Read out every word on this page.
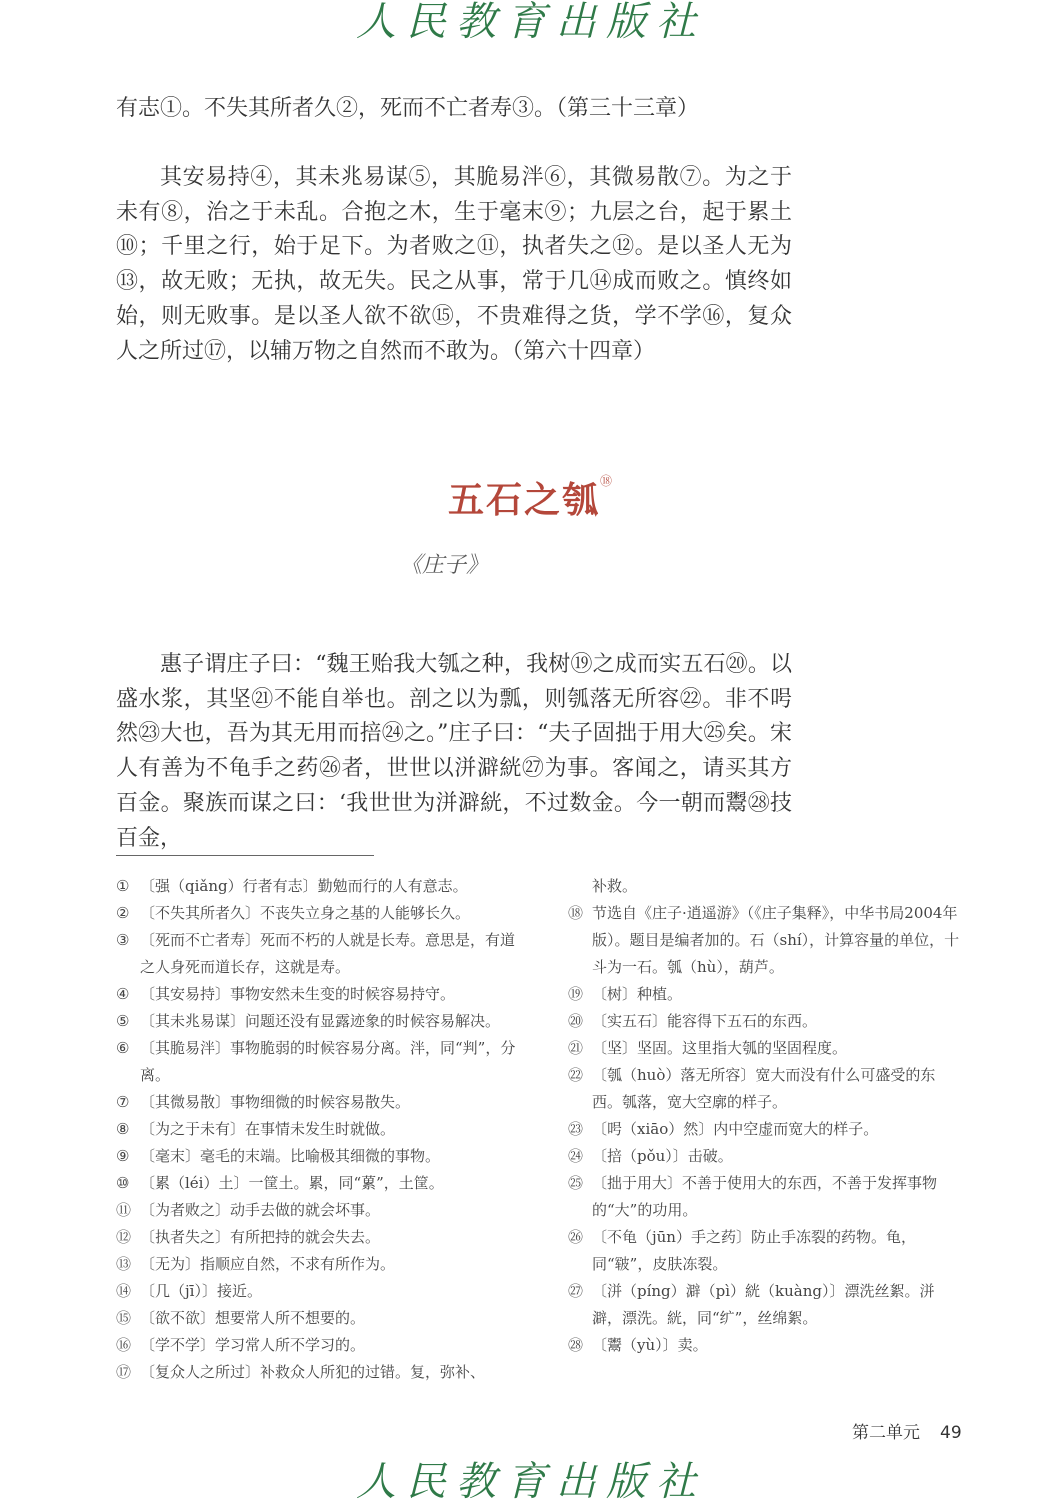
人民教育出版社

有志①。不失其所者久②，死而不亡者寿③。（第三十三章）

其安易持④，其未兆易谋⑤，其脆易泮⑥，其微易散⑦。为之于未有⑧，治之于未乱。合抱之木，生于毫末⑨；九层之台，起于累土⑩；千里之行，始于足下。为者败之⑪，执者失之⑫。是以圣人无为⑬，故无败；无执，故无失。民之从事，常于几⑭成而败之。慎终如始，则无败事。是以圣人欲不欲⑮，不贵难得之货，学不学⑯，复众人之所过⑰，以辅万物之自然而不敢为。（第六十四章）

五石之瓠⑱
《庄子》

惠子谓庄子曰：“魏王贻我大瓠之种，我树⑲之成而实五石⑳。以盛水浆，其坚㉑不能自举也。剖之以为瓢，则瓠落无所容㉒。非不呺然㉓大也，吾为其无用而掊㉔之。”庄子曰：“夫子固拙于用大㉕矣。宋人有善为不龟手之药㉖者，世世以洴澼絖㉗为事。客闻之，请买其方百金。聚族而谋之曰：‘我世世为洴澼絖，不过数金。今一朝而鬻㉘技百金，

① 〔强（qiǎng）行者有志〕勤勉而行的人有意志。
② 〔不失其所者久〕不丧失立身之基的人能够长久。
③ 〔死而不亡者寿〕死而不朽的人就是长寿。意思是，有道之人身死而道长存，这就是寿。
④ 〔其安易持〕事物安然未生变的时候容易持守。
⑤ 〔其未兆易谋〕问题还没有显露迹象的时候容易解决。
⑥ 〔其脆易泮〕事物脆弱的时候容易分离。泮，同“判”，分离。
⑦ 〔其微易散〕事物细微的时候容易散失。
⑧ 〔为之于未有〕在事情未发生时就做。
⑨ 〔毫末〕毫毛的末端。比喻极其细微的事物。
⑩ 〔累（léi）土〕一筐土。累，同“蔂”，土筐。
⑪ 〔为者败之〕动手去做的就会坏事。
⑫ 〔执者失之〕有所把持的就会失去。
⑬ 〔无为〕指顺应自然，不求有所作为。
⑭ 〔几（jī）〕接近。
⑮ 〔欲不欲〕想要常人所不想要的。
⑯ 〔学不学〕学习常人所不学习的。
⑰ 〔复众人之所过〕补救众人所犯的过错。复，弥补、
补救。
⑱ 节选自《庄子·逍遥游》（《庄子集释》，中华书局2004年版）。题目是编者加的。石（shí），计算容量的单位，十斗为一石。瓠（hù），葫芦。
⑲ 〔树〕种植。
⑳ 〔实五石〕能容得下五石的东西。
㉑ 〔坚〕坚固。这里指大瓠的坚固程度。
㉒ 〔瓠（huò）落无所容〕宽大而没有什么可盛受的东西。瓠落，宽大空廓的样子。
㉓ 〔呺（xiāo）然〕内中空虚而宽大的样子。
㉔ 〔掊（pǒu）〕击破。
㉕ 〔拙于用大〕不善于使用大的东西，不善于发挥事物的“大”的功用。
㉖ 〔不龟（jūn）手之药〕防止手冻裂的药物。龟，同“皲”，皮肤冻裂。
㉗ 〔洴（píng）澼（pì）絖（kuàng）〕漂洗丝絮。洴澼，漂洗。絖，同“纩”，丝绵絮。
㉘ 〔鬻（yù）〕卖。
第二单元 49
人民教育出版社
